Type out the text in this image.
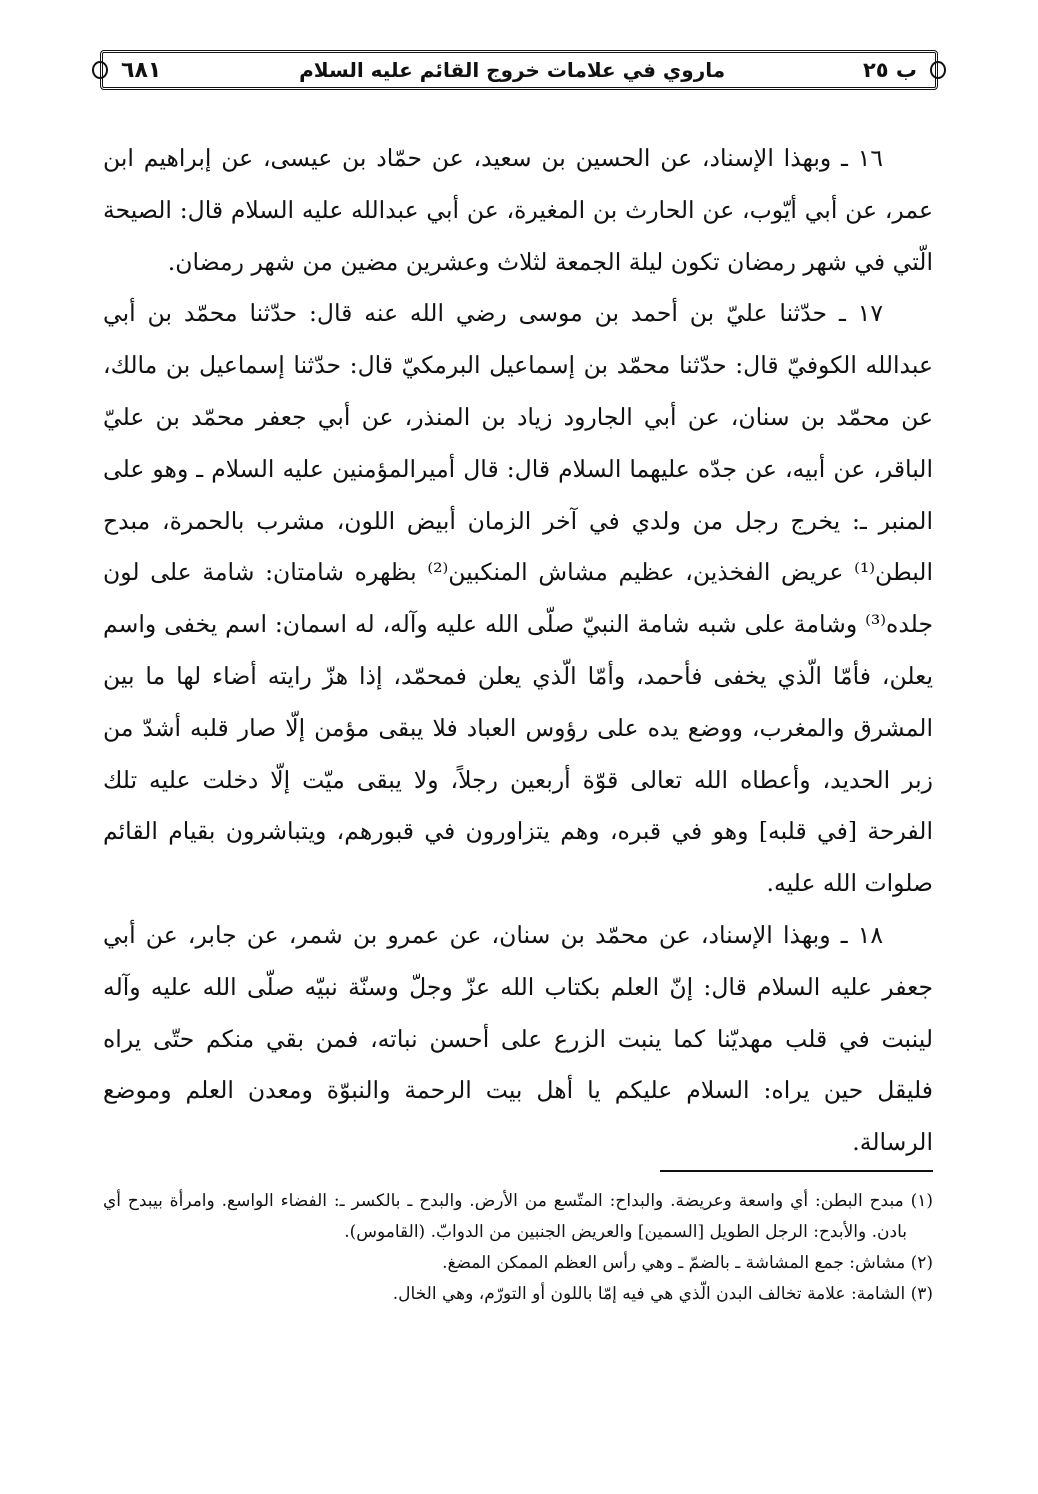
ب ٢٥
ماروي في علامات خروج القائم عليه السلام
٦٨١

١٦ ـ وبهذا الإسناد، عن الحسين بن سعيد، عن حمّاد بن عيسى، عن إبراهيم ابن عمر، عن أبي أيّوب، عن الحارث بن المغيرة، عن أبي عبدالله عليه السلام قال: الصيحة الّتي في شهر رمضان تكون ليلة الجمعة لثلاث وعشرين مضين من شهر رمضان.

١٧ ـ حدّثنا عليّ بن أحمد بن موسى رضي الله عنه قال: حدّثنا محمّد بن أبي عبدالله الكوفيّ قال: حدّثنا محمّد بن إسماعيل البرمكيّ قال: حدّثنا إسماعيل بن مالك، عن محمّد بن سنان، عن أبي الجارود زياد بن المنذر، عن أبي جعفر محمّد بن عليّ الباقر، عن أبيه، عن جدّه عليهما السلام قال: قال أميرالمؤمنين عليه السلام ـ وهو على المنبر ـ: يخرج رجل من ولدي في آخر الزمان أبيض اللون، مشرب بالحمرة، مبدح البطن⁽¹⁾ عريض الفخذين، عظيم مشاش المنكبين⁽²⁾ بظهره شامتان: شامة على لون جلده⁽³⁾ وشامة على شبه شامة النبيّ صلّى الله عليه وآله، له اسمان: اسم يخفى واسم يعلن، فأمّا الّذي يخفى فأحمد، وأمّا الّذي يعلن فمحمّد، إذا هزّ رايته أضاء لها ما بين المشرق والمغرب، ووضع يده على رؤوس العباد فلا يبقى مؤمن إلّا صار قلبه أشدّ من زبر الحديد، وأعطاه الله تعالى قوّة أربعين رجلاً، ولا يبقى ميّت إلّا دخلت عليه تلك الفرحة [في قلبه] وهو في قبره، وهم يتزاورون في قبورهم، ويتباشرون بقيام القائم صلوات الله عليه.

١٨ ـ وبهذا الإسناد، عن محمّد بن سنان، عن عمرو بن شمر، عن جابر، عن أبي جعفر عليه السلام قال: إنّ العلم بكتاب الله عزّ وجلّ وسنّة نبيّه صلّى الله عليه وآله لينبت في قلب مهديّنا كما ينبت الزرع على أحسن نباته، فمن بقي منكم حتّى يراه فليقل حين يراه: السلام عليكم يا أهل بيت الرحمة والنبوّة ومعدن العلم وموضع الرسالة.

(١) مبدح البطن: أي واسعة وعريضة. والبداح: المتّسع من الأرض. والبدح ـ بالكسر ـ: الفضاء الواسع. وامرأة بيبدح أي بادن. والأبدح: الرجل الطويل [السمين] والعريض الجنبين من الدوابّ. (القاموس).

(٢) مشاش: جمع المشاشة ـ بالضمّ ـ وهي رأس العظم الممكن المضغ.

(٣) الشامة: علامة تخالف البدن الّذي هي فيه إمّا باللون أو التورّم، وهي الخال.
